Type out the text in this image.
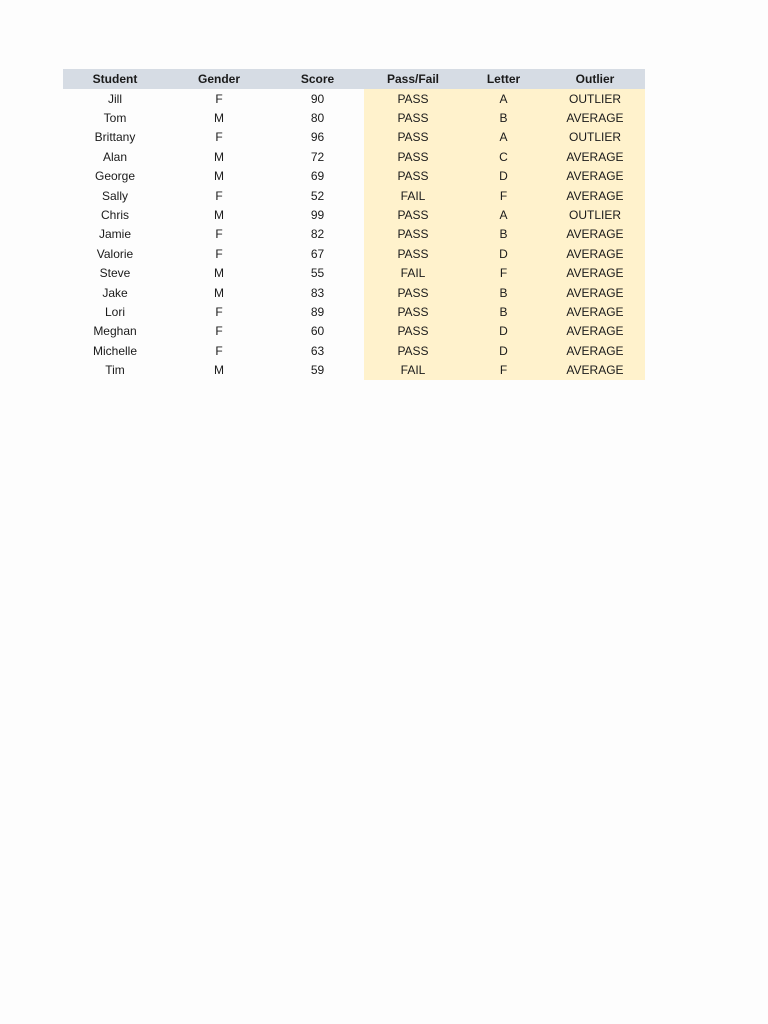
Student	Gender	Score	Pass/Fail	Letter	Outlier
Jill	F	90	PASS	A	OUTLIER
Tom	M	80	PASS	B	AVERAGE
Brittany	F	96	PASS	A	OUTLIER
Alan	M	72	PASS	C	AVERAGE
George	M	69	PASS	D	AVERAGE
Sally	F	52	FAIL	F	AVERAGE
Chris	M	99	PASS	A	OUTLIER
Jamie	F	82	PASS	B	AVERAGE
Valorie	F	67	PASS	D	AVERAGE
Steve	M	55	FAIL	F	AVERAGE
Jake	M	83	PASS	B	AVERAGE
Lori	F	89	PASS	B	AVERAGE
Meghan	F	60	PASS	D	AVERAGE
Michelle	F	63	PASS	D	AVERAGE
Tim	M	59	FAIL	F	AVERAGE
